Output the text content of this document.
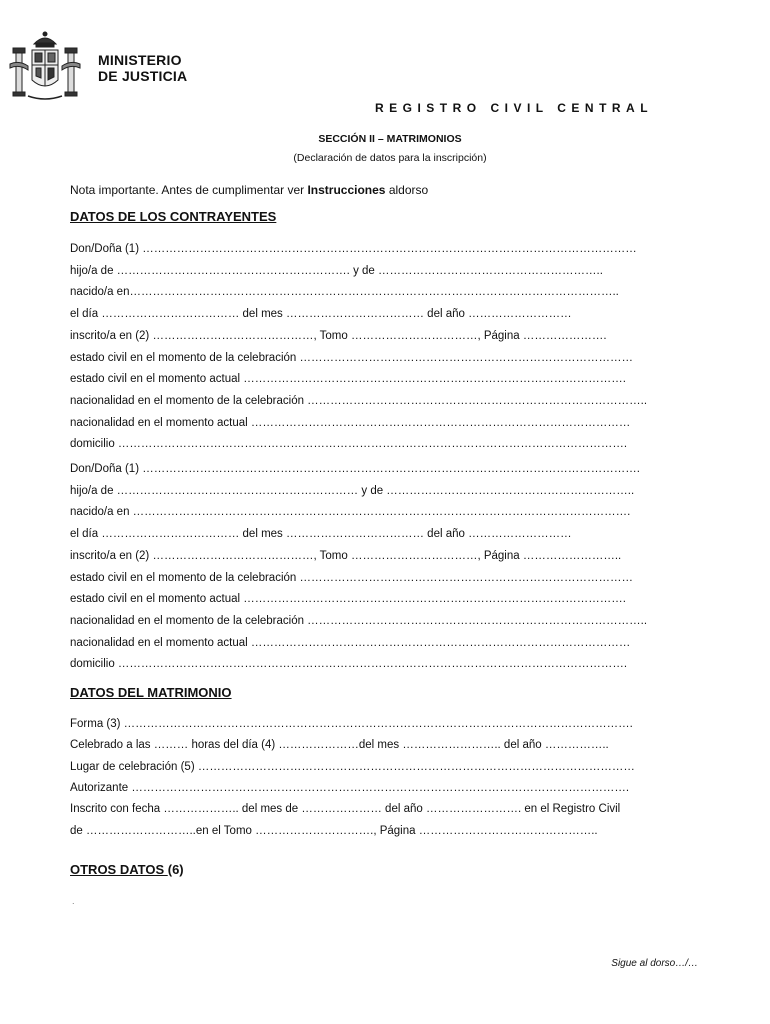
MINISTERIO
DE JUSTICIA
REGISTRO CIVIL CENTRAL
SECCIÓN II – MATRIMONIOS
(Declaración de datos para la inscripción)
Nota importante. Antes de cumplimentar ver Instrucciones aldorso
DATOS DE LOS CONTRAYENTES
Don/Doña (1) …………………………………………………………………………………………………………………
hijo/a de ……………………………………………………. y de …………………………………………………..
nacido/a en………………………………………………………………………………………………………………..
el día ……………………………… del mes ……………………………… del año ………………………
inscrito/a en (2) ……………………………………, Tomo ……………………………, Página ………………….
estado civil en el momento de la celebración ……………………………………………………………………………
estado civil en el momento actual ……………………………………………………………………………………….
nacionalidad en el momento de la celebración ……………………………………………………………………………..
nacionalidad en el momento actual ………………………………………………………………………………………
domicilio …………………………………………………………………………………………………………………….
Don/Doña (1) ………………………………………………………………………………………………………………….
hijo/a de ……………………………………………………… y de ………………………………………………………..
nacido/a en ………………………………………………………………………………………………………………….
el día ……………………………… del mes ……………………………… del año ………………………
inscrito/a en (2) ……………………………………, Tomo ……………………………, Página ……………………..
estado civil en el momento de la celebración ……………………………………………………………………………
estado civil en el momento actual ……………………………………………………………………………………….
nacionalidad en el momento de la celebración ……………………………………………………………………………..
nacionalidad en el momento actual ………………………………………………………………………………………
domicilio …………………………………………………………………………………………………………………….
DATOS DEL MATRIMONIO
Forma (3) …………………………………………………………………………………………………………………….
Celebrado a las ……… horas del día (4) …………………del mes …………………….. del año ……………..
Lugar de celebración (5) ……………………………………………………………………………………………………
Autorizante ………………………………………………………………………………………………………………….
Inscrito con fecha ……………….. del mes de ………………… del año ……………………. en el Registro Civil
de ………………………..en el Tomo …………………………., Página ………………………………………..
OTROS DATOS (6)
.
Sigue al dorso…/…
